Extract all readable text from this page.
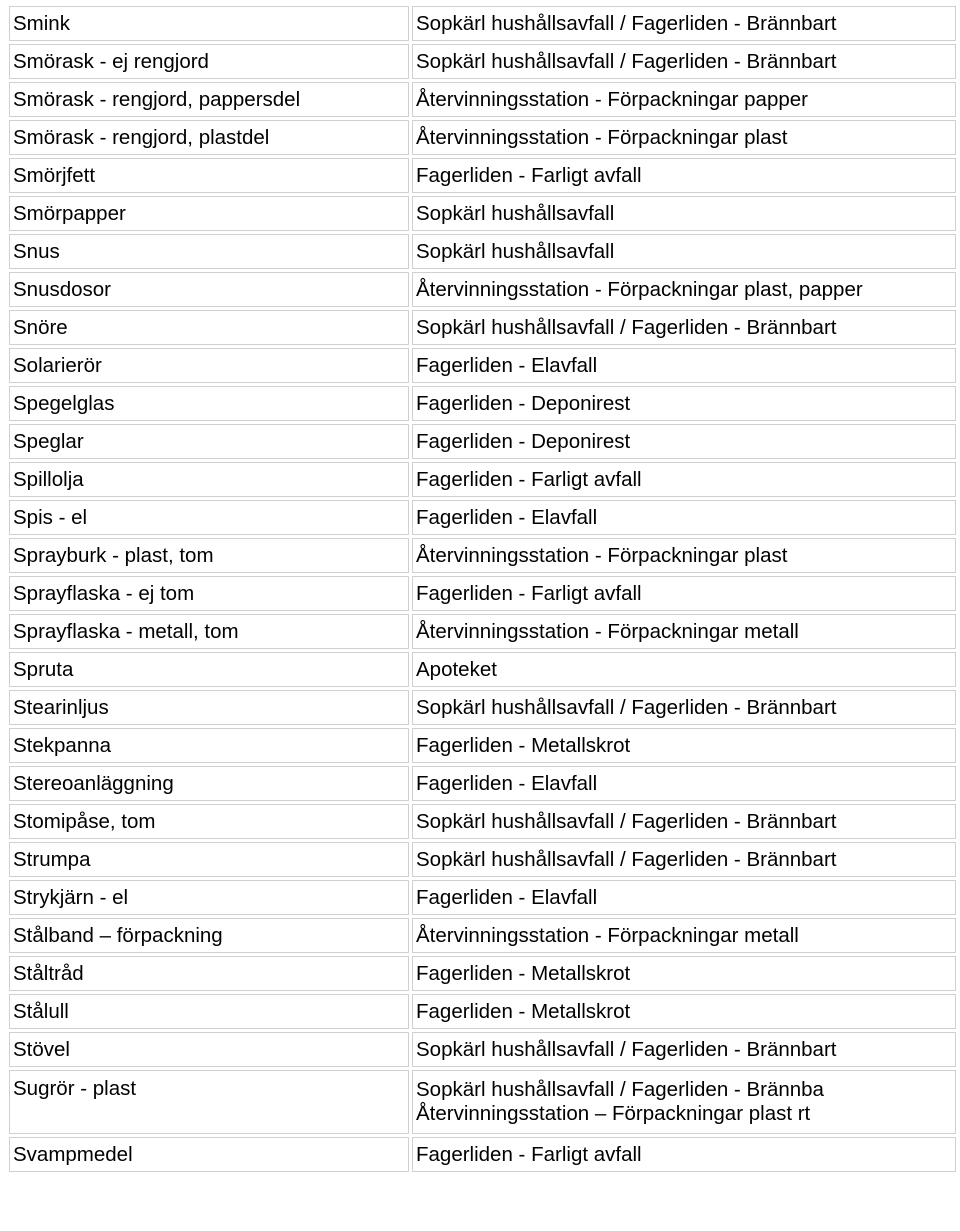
Smink	Sopkärl hushållsavfall / Fagerliden - Brännbart
Smörask - ej rengjord	Sopkärl hushållsavfall / Fagerliden - Brännbart
Smörask - rengjord, pappersdel	Återvinningsstation - Förpackningar papper
Smörask - rengjord, plastdel	Återvinningsstation - Förpackningar plast
Smörjfett	Fagerliden - Farligt avfall
Smörpapper	Sopkärl hushållsavfall
Snus	Sopkärl hushållsavfall
Snusdosor	Återvinningsstation - Förpackningar plast, papper
Snöre	Sopkärl hushållsavfall / Fagerliden - Brännbart
Solarierör	Fagerliden - Elavfall
Spegelglas	Fagerliden - Deponirest
Speglar	Fagerliden - Deponirest
Spillolja	Fagerliden - Farligt avfall
Spis - el	Fagerliden - Elavfall
Sprayburk - plast, tom	Återvinningsstation - Förpackningar plast
Sprayflaska - ej tom	Fagerliden - Farligt avfall
Sprayflaska - metall, tom	Återvinningsstation - Förpackningar metall
Spruta	Apoteket
Stearinljus	Sopkärl hushållsavfall / Fagerliden - Brännbart
Stekpanna	Fagerliden - Metallskrot
Stereoanläggning	Fagerliden - Elavfall
Stomipåse, tom	Sopkärl hushållsavfall / Fagerliden - Brännbart
Strumpa	Sopkärl hushållsavfall / Fagerliden - Brännbart
Strykjärn - el	Fagerliden - Elavfall
Stålband – förpackning	Återvinningsstation - Förpackningar metall
Ståltråd	Fagerliden - Metallskrot
Stålull	Fagerliden - Metallskrot
Stövel	Sopkärl hushållsavfall / Fagerliden - Brännbart
Sugrör - plast	Sopkärl hushållsavfall / Fagerliden - Brännba
Återvinningsstation – Förpackningar plast rt
Svampmedel	Fagerliden - Farligt avfall
